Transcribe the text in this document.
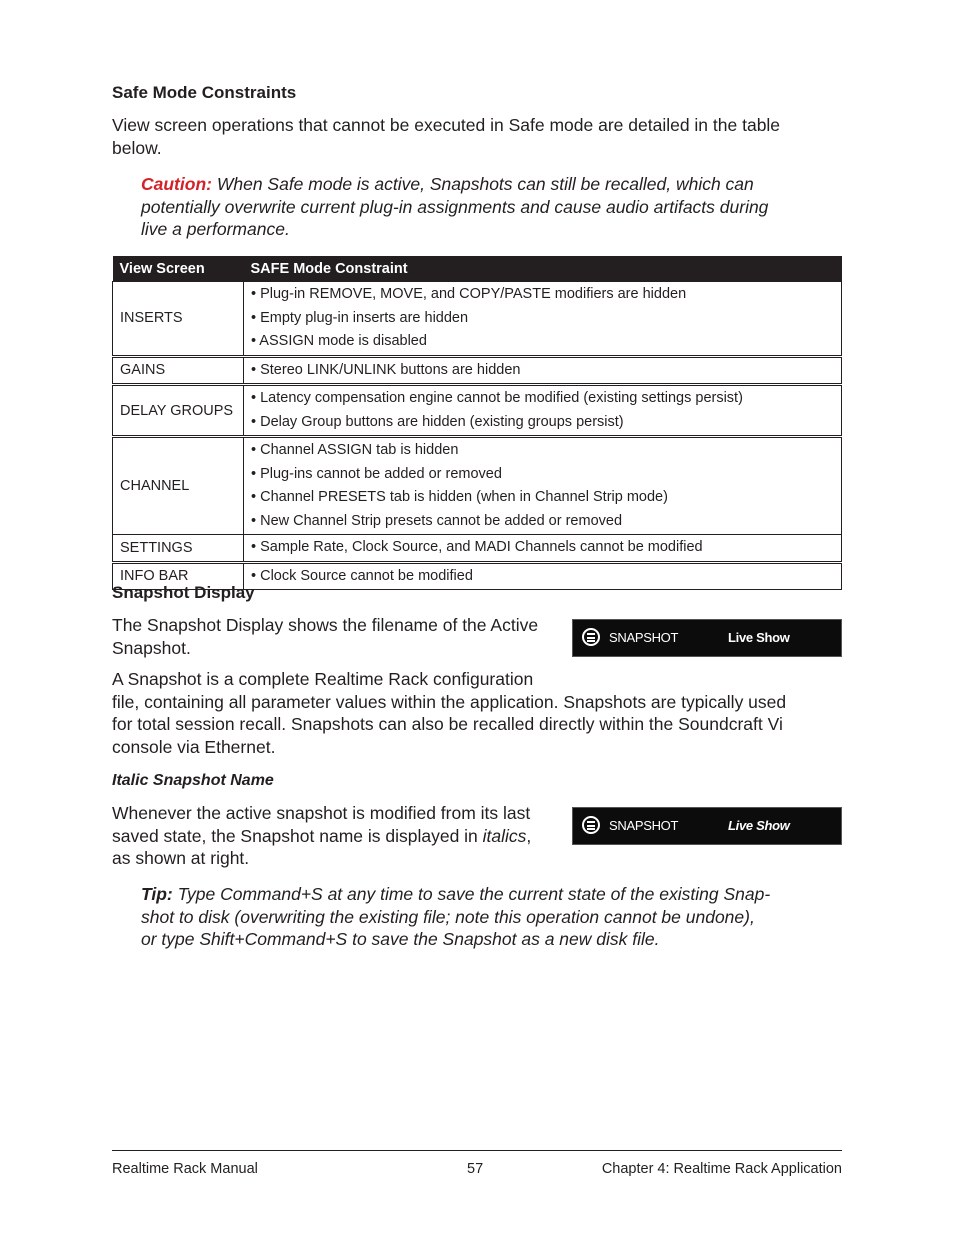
Safe Mode Constraints
View screen operations that cannot be executed in Safe mode are detailed in the table
below.
Caution: When Safe mode is active, Snapshots can still be recalled, which can
potentially overwrite current plug-in assignments and cause audio artifacts during
live a performance.
View Screen	SAFE Mode Constraint
INSERTS	• Plug-in REMOVE, MOVE, and COPY/PASTE modifiers are hidden
• Empty plug-in inserts are hidden
• ASSIGN mode is disabled

GAINS	• Stereo LINK/UNLINK buttons are hidden

DELAY GROUPS	• Latency compensation engine cannot be modified (existing settings persist)
• Delay Group buttons are hidden (existing groups persist)

CHANNEL	• Channel ASSIGN tab is hidden
• Plug-ins cannot be added or removed
• Channel PRESETS tab is hidden (when in Channel Strip mode)
• New Channel Strip presets cannot be added or removed

SETTINGS	• Sample Rate, Clock Source, and MADI Channels cannot be modified

INFO BAR	• Clock Source cannot be modified
Snapshot Display
The Snapshot Display shows the filename of the Active
Snapshot.
A Snapshot is a complete Realtime Rack configuration
file, containing all parameter values within the application. Snapshots are typically used
for total session recall. Snapshots can also be recalled directly within the Soundcraft Vi
console via Ethernet.
SNAPSHOT	Live Show
Italic Snapshot Name
Whenever the active snapshot is modified from its last
saved state, the Snapshot name is displayed in italics,
as shown at right.
SNAPSHOT	Live Show
Tip: Type Command+S at any time to save the current state of the existing Snap-
shot to disk (overwriting the existing file; note this operation cannot be undone),
or type Shift+Command+S to save the Snapshot as a new disk file.
Realtime Rack Manual	57	Chapter 4: Realtime Rack Application
